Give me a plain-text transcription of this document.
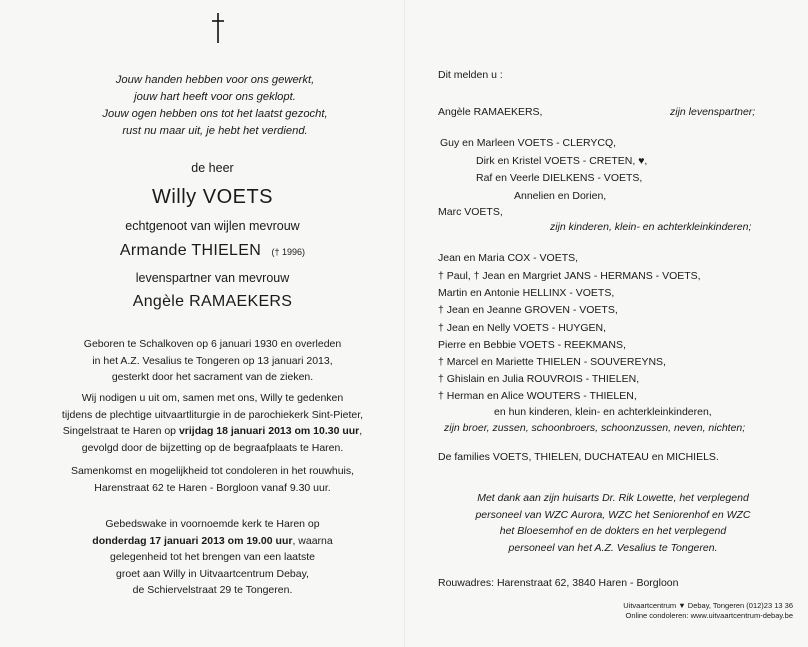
Jouw handen hebben voor ons gewerkt,
jouw hart heeft voor ons geklopt.
Jouw ogen hebben ons tot het laatst gezocht,
rust nu maar uit, je hebt het verdiend.
de heer
Willy VOETS
echtgenoot van wijlen mevrouw
Armande THIELEN († 1996)
levenspartner van mevrouw
Angèle RAMAEKERS
Geboren te Schalkoven op 6 januari 1930 en overleden
in het A.Z. Vesalius te Tongeren op 13 januari 2013,
gesterkt door het sacrament van de zieken.
Wij nodigen u uit om, samen met ons, Willy te gedenken
tijdens de plechtige uitvaartliturgie in de parochiekerk Sint-Pieter,
Singelstraat te Haren op vrijdag 18 januari 2013 om 10.30 uur,
gevolgd door de bijzetting op de begraafplaats te Haren.
Samenkomst en mogelijkheid tot condoleren in het rouwhuis,
Harenstraat 62 te Haren - Borgloon vanaf 9.30 uur.
Gebedswake in voornoemde kerk te Haren op
donderdag 17 januari 2013 om 19.00 uur, waarna
gelegenheid tot het brengen van een laatste
groet aan Willy in Uitvaartcentrum Debay,
de Schiervelstraat 29 te Tongeren.
Dit melden u :
Angèle RAMAEKERS,	zijn levenspartner;
Guy en Marleen VOETS - CLERYCQ,
Dirk en Kristel VOETS - CRETEN, ♥,
Raf en Veerle DIELKENS - VOETS,
Annelien en Dorien,
Marc VOETS,
zijn kinderen, klein- en achterkleinkinderen;
Jean en Maria COX - VOETS,
† Paul, † Jean en Margriet JANS - HERMANS - VOETS,
Martin en Antonie HELLINX - VOETS,
† Jean en Jeanne GROVEN - VOETS,
† Jean en Nelly VOETS - HUYGEN,
Pierre en Bebbie VOETS - REEKMANS,
† Marcel en Mariette THIELEN - SOUVEREYNS,
† Ghislain en Julia ROUVROIS - THIELEN,
† Herman en Alice WOUTERS - THIELEN,
en hun kinderen, klein- en achterkleinkinderen,
zijn broer, zussen, schoonbroers, schoonzussen, neven, nichten;
De families VOETS, THIELEN, DUCHATEAU en MICHIELS.
Met dank aan zijn huisarts Dr. Rik Lowette, het verplegend
personeel van WZC Aurora, WZC het Seniorenhof en WZC
het Bloesemhof en de dokters en het verplegend
personeel van het A.Z. Vesalius te Tongeren.
Rouwadres: Harenstraat 62, 3840 Haren - Borgloon
Uitvaartcentrum ▼ Debay, Tongeren (012)23 13 36
Online condoleren: www.uitvaartcentrum-debay.be
